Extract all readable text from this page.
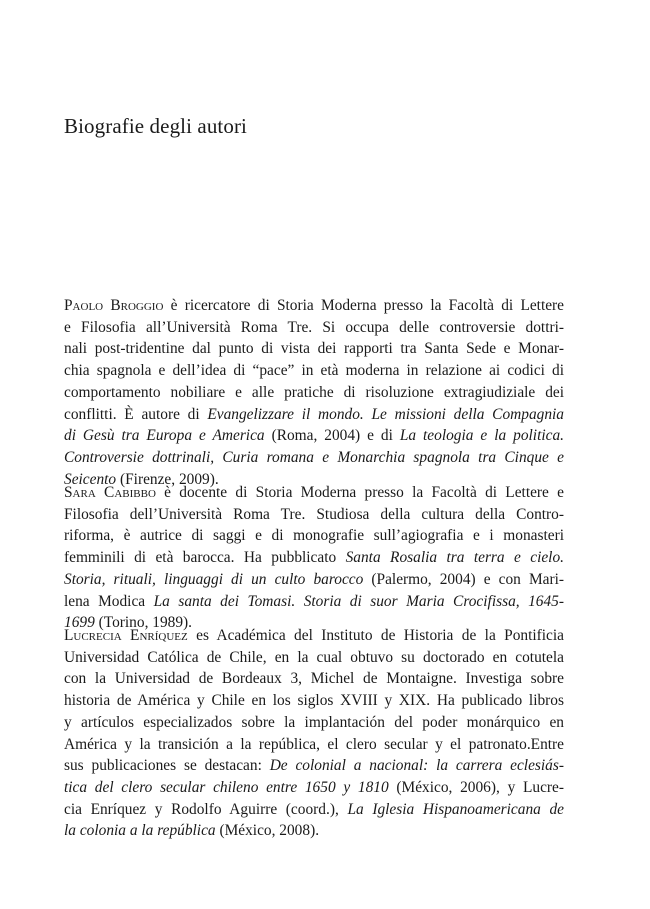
Biografie degli autori
Paolo Broggio è ricercatore di Storia Moderna presso la Facoltà di Lettere
e Filosofia all’Università Roma Tre. Si occupa delle controversie dottri-
nali post-tridentine dal punto di vista dei rapporti tra Santa Sede e Monar-
chia spagnola e dell’idea di “pace” in età moderna in relazione ai codici di
comportamento nobiliare e alle pratiche di risoluzione extragiudiziale dei
conflitti. È autore di Evangelizzare il mondo. Le missioni della Compagnia
di Gesù tra Europa e America (Roma, 2004) e di La teologia e la politica.
Controversie dottrinali, Curia romana e Monarchia spagnola tra Cinque e
Seicento (Firenze, 2009).
Sara Cabibbo è docente di Storia Moderna presso la Facoltà di Lettere e
Filosofia dell’Università Roma Tre. Studiosa della cultura della Contro-
riforma, è autrice di saggi e di monografie sull’agiografia e i monasteri
femminili di età barocca. Ha pubblicato Santa Rosalia tra terra e cielo.
Storia, rituali, linguaggi di un culto barocco (Palermo, 2004) e con Mari-
lena Modica La santa dei Tomasi. Storia di suor Maria Crocifissa, 1645-
1699 (Torino, 1989).
Lucrecia Enríquez es Académica del Instituto de Historia de la Pontificia
Universidad Católica de Chile, en la cual obtuvo su doctorado en cotutela
con la Universidad de Bordeaux 3, Michel de Montaigne. Investiga sobre
historia de América y Chile en los siglos XVIII y XIX. Ha publicado libros
y artículos especializados sobre la implantación del poder monárquico en
América y la transición a la república, el clero secular y el patronato.Entre
sus publicaciones se destacan: De colonial a nacional: la carrera eclesiás-
tica del clero secular chileno entre 1650 y 1810 (México, 2006), y Lucre-
cia Enríquez y Rodolfo Aguirre (coord.), La Iglesia Hispanoamericana de
la colonia a la república (México, 2008).
